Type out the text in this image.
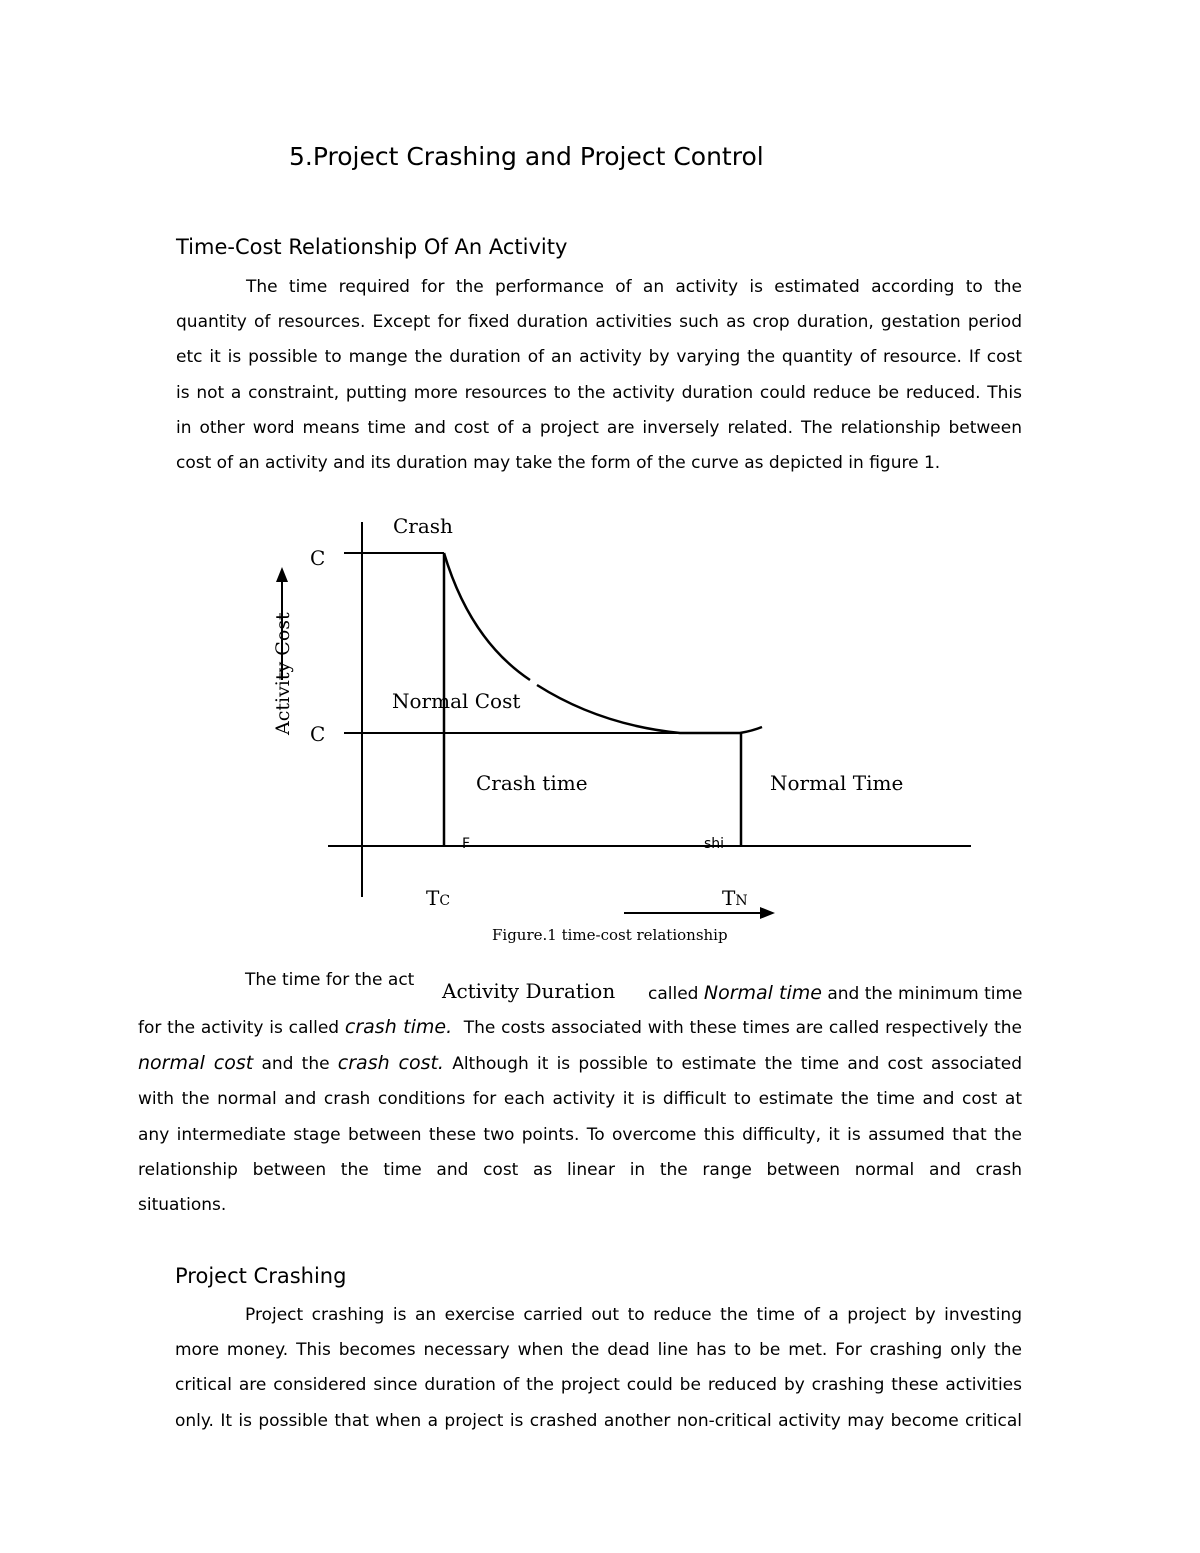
5.Project Crashing and Project Control
Time-Cost Relationship Of An Activity
The time required for the performance of an activity is estimated according to the
quantity of resources. Except for fixed duration activities such as crop duration, gestation period
etc it is possible to mange the duration of an activity by varying the quantity of resource. If cost
is not a constraint, putting more resources to the activity duration could reduce be reduced. This
in other word means time and cost of a project are inversely related. The relationship between
cost of an activity and its duration may take the form of the curve as depicted in figure 1.
Activity Cost
Crash
C
C
Normal Cost
Crash time	Normal Time
F	shi
TC	TN
Figure.1 time-cost relationship
The time for the act Activity Duration called Normal time and the minimum time
for the activity is called crash time. The costs associated with these times are called respectively the
normal cost and the crash cost. Although it is possible to estimate the time and cost associated
with the normal and crash conditions for each activity it is difficult to estimate the time and cost at
any intermediate stage between these two points. To overcome this difficulty, it is assumed that the
relationship between the time and cost as linear in the range between normal and crash
situations.
Project Crashing
Project crashing is an exercise carried out to reduce the time of a project by investing
more money. This becomes necessary when the dead line has to be met. For crashing only the
critical are considered since duration of the project could be reduced by crashing these activities
only. It is possible that when a project is crashed another non-critical activity may become critical
